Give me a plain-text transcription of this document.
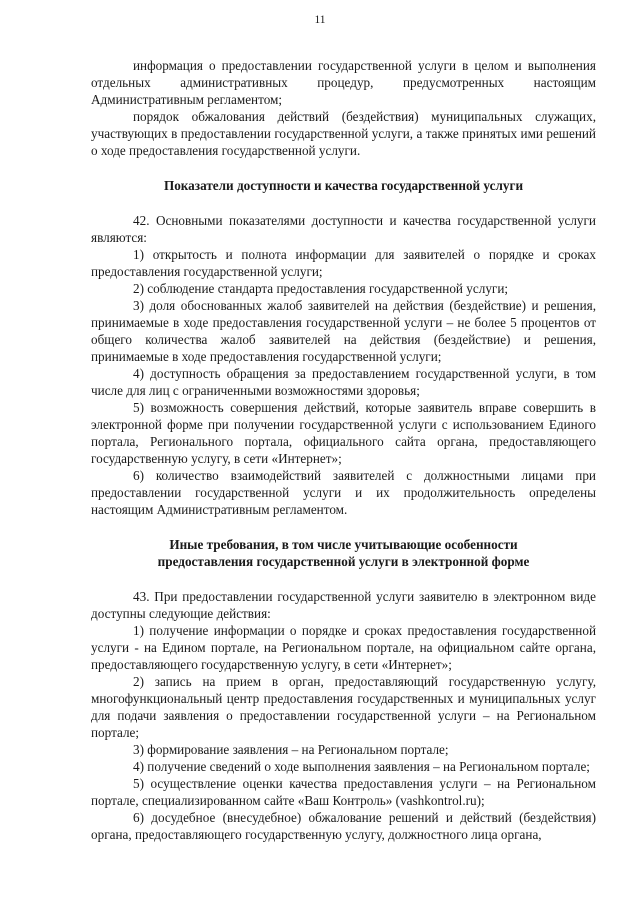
11

информация о предоставлении государственной услуги в целом и выполнения отдельных административных процедур, предусмотренных настоящим Административным регламентом;

порядок обжалования действий (бездействия) муниципальных служащих, участвующих в предоставлении государственной услуги, а также принятых ими решений о ходе предоставления государственной услуги.

Показатели доступности и качества государственной услуги

42. Основными показателями доступности и качества государственной услуги являются:

1) открытость и полнота информации для заявителей о порядке и сроках предоставления государственной услуги;

2) соблюдение стандарта предоставления государственной услуги;

3) доля обоснованных жалоб заявителей на действия (бездействие) и решения, принимаемые в ходе предоставления государственной услуги – не более 5 процентов от общего количества жалоб заявителей на действия (бездействие) и решения, принимаемые в ходе предоставления государственной услуги;

4) доступность обращения за предоставлением государственной услуги, в том числе для лиц с ограниченными возможностями здоровья;

5) возможность совершения действий, которые заявитель вправе совершить в электронной форме при получении государственной услуги с использованием Единого портала, Регионального портала, официального сайта органа, предоставляющего государственную услугу, в сети «Интернет»;

6) количество взаимодействий заявителей с должностными лицами при предоставлении государственной услуги и их продолжительность определены настоящим Административным регламентом.

Иные требования, в том числе учитывающие особенности

предоставления государственной услуги в электронной форме

43. При предоставлении государственной услуги заявителю в электронном виде доступны следующие действия:

1) получение информации о порядке и сроках предоставления государственной услуги - на Едином портале, на Региональном портале, на официальном сайте органа, предоставляющего государственную услугу, в сети «Интернет»;

2) запись на прием в орган, предоставляющий государственную услугу, многофункциональный центр предоставления государственных и муниципальных услуг для подачи заявления о предоставлении государственной услуги – на Региональном портале;

3) формирование заявления – на Региональном портале;

4) получение сведений о ходе выполнения заявления – на Региональном портале;

5) осуществление оценки качества предоставления услуги – на Региональном портале, специализированном сайте «Ваш Контроль» (vashkontrol.ru);

6) досудебное (внесудебное) обжалование решений и действий (бездействия) органа, предоставляющего государственную услугу, должностного лица органа,
